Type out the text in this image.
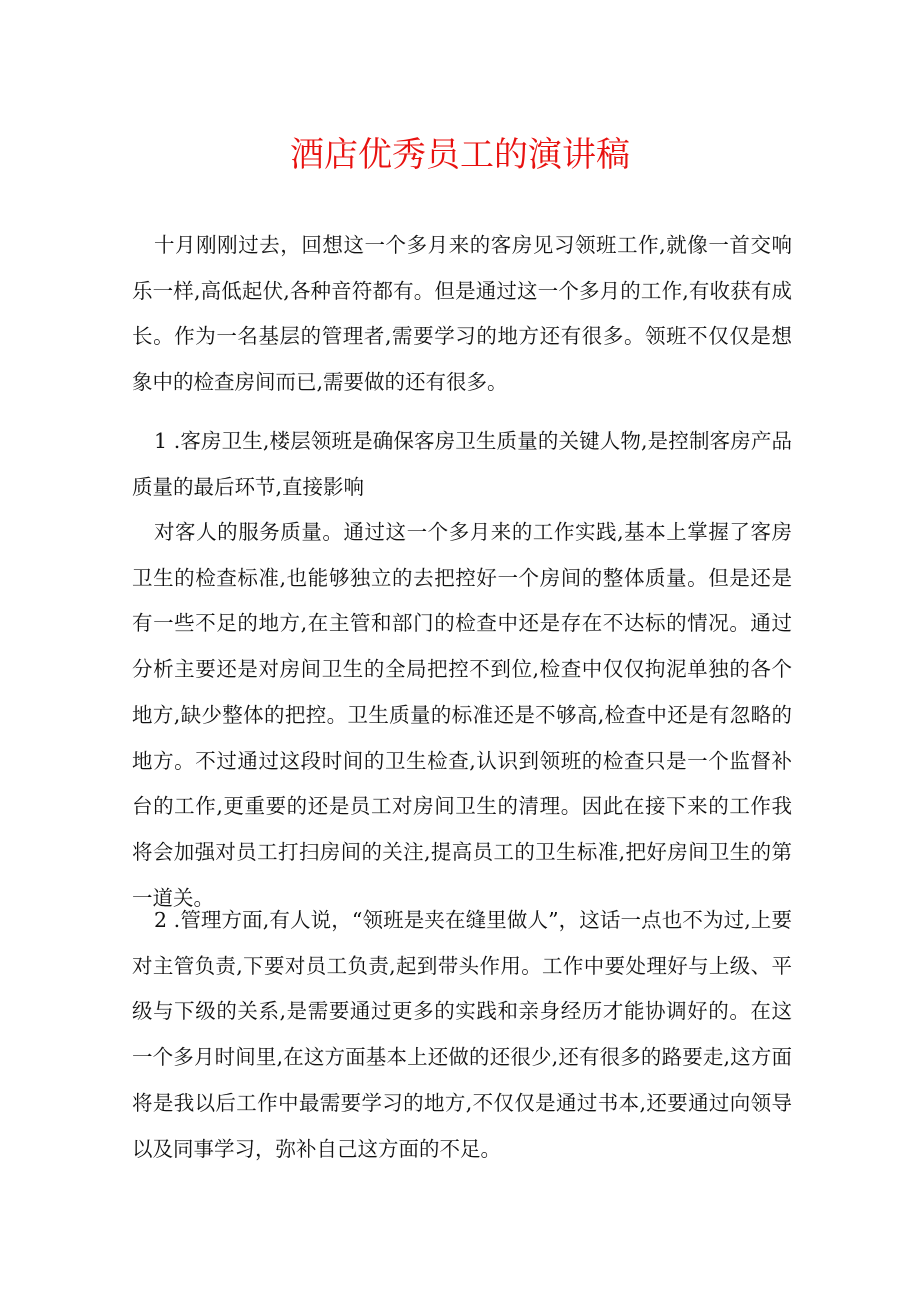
酒店优秀员工的演讲稿

十月刚刚过去，回想这一个多月来的客房见习领班工作,就像一首交响乐一样,高低起伏,各种音符都有。但是通过这一个多月的工作,有收获有成长。作为一名基层的管理者,需要学习的地方还有很多。领班不仅仅是想象中的检查房间而已,需要做的还有很多。

1 .客房卫生,楼层领班是确保客房卫生质量的关键人物,是控制客房产品质量的最后环节,直接影响

对客人的服务质量。通过这一个多月来的工作实践,基本上掌握了客房卫生的检查标准,也能够独立的去把控好一个房间的整体质量。但是还是有一些不足的地方,在主管和部门的检查中还是存在不达标的情况。通过分析主要还是对房间卫生的全局把控不到位,检查中仅仅拘泥单独的各个地方,缺少整体的把控。卫生质量的标准还是不够高,检查中还是有忽略的地方。不过通过这段时间的卫生检查,认识到领班的检查只是一个监督补台的工作,更重要的还是员工对房间卫生的清理。因此在接下来的工作我将会加强对员工打扫房间的关注,提高员工的卫生标准,把好房间卫生的第一道关。

2 .管理方面,有人说，“领班是夹在缝里做人”，这话一点也不为过,上要对主管负责,下要对员工负责,起到带头作用。工作中要处理好与上级、平级与下级的关系,是需要通过更多的实践和亲身经历才能协调好的。在这一个多月时间里,在这方面基本上还做的还很少,还有很多的路要走,这方面将是我以后工作中最需要学习的地方,不仅仅是通过书本,还要通过向领导以及同事学习，弥补自己这方面的不足。
